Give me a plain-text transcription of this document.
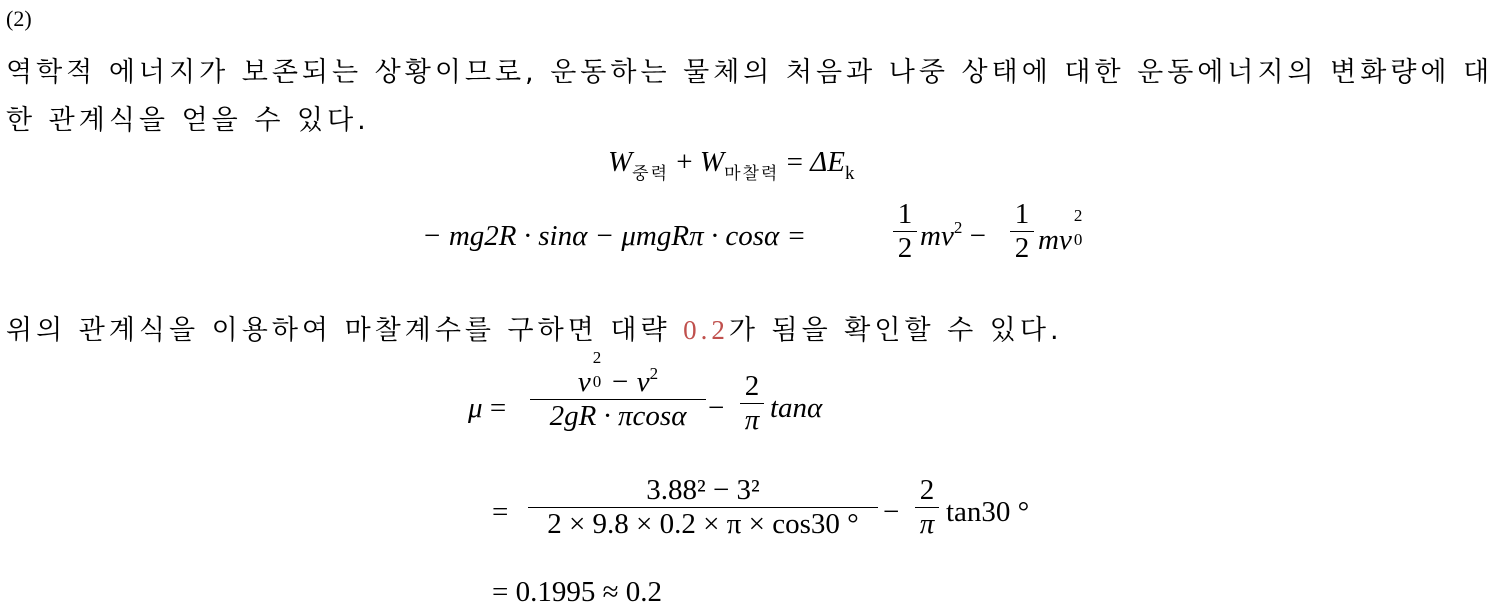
(2)
역학적 에너지가 보존되는 상황이므로, 운동하는 물체의 처음과 나중 상태에 대한 운동에너지의 변화량에 대
한 관계식을 얻을 수 있다.
$W_{중력} + W_{마찰력} = \Delta E_k$
− mg2R · sinα − μmgRπ · cosα =
1
2 $mv^2$ −
1
2 mv
2
0
위의 관계식을 이용하여 마찰계수를 구하면 대략 0.2가 됨을 확인할 수 있다.
μ =
v
2
$0 - v^2$
2gR · πcosα −
2
π tanα
=
3.88² − 3²
2 × 9.8 × 0.2 × π × cos30 ° −
2
π tan30 °
= 0.1995 ≈ 0.2
